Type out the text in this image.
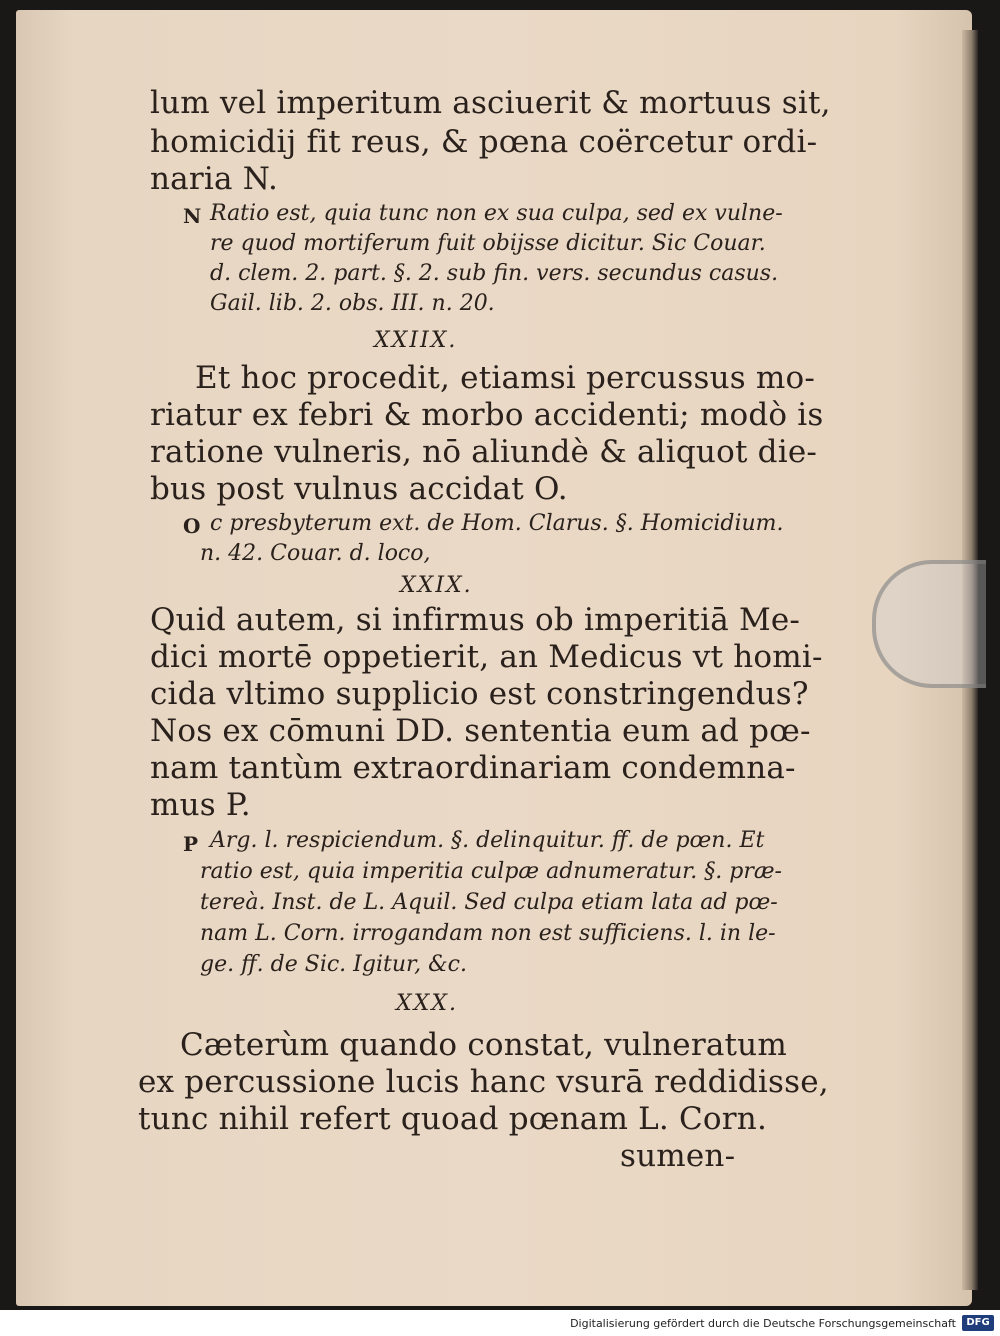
lum vel imperitum asciuerit & mortuus sit,
homicidij fit reus, & pœna coërcetur ordi-
naria N.
N Ratio est, quia tunc non ex sua culpa, sed ex vulne-
re quod mortiferum fuit obijsse dicitur. Sic Couar.
d. clem. 2. part. §. 2. sub fin. vers. secundus casus.
Gail. lib. 2. obs. III. n. 20.
XXIIX.
Et hoc procedit, etiamsi percussus mo-
riatur ex febri & morbo accidenti; modò is
ratione vulneris, nō aliundè & aliquot die-
bus post vulnus accidat O.
O c presbyterum ext. de Hom. Clarus. §. Homicidium.
n. 42. Couar. d. loco,
XXIX.
Quid autem, si infirmus ob imperitiā Me-
dici mortē oppetierit, an Medicus vt homi-
cida vltimo supplicio est constringendus?
Nos ex cōmuni DD. sententia eum ad pœ-
nam tantùm extraordinariam condemna-
mus P.
P Arg. l. respiciendum. §. delinquitur. ff. de pœn. Et
ratio est, quia imperitia culpæ adnumeratur. §. præ-
tereà. Inst. de L. Aquil. Sed culpa etiam lata ad pœ-
nam L. Corn. irrogandam non est sufficiens. l. in le-
ge. ff. de Sic. Igitur, &c.
XXX.
Cæterùm quando constat, vulneratum
ex percussione lucis hanc vsurā reddidisse,
tunc nihil refert quoad pœnam L. Corn.
sumen-
Digitalisierung gefördert durch die Deutsche Forschungsgemeinschaft	DFG
